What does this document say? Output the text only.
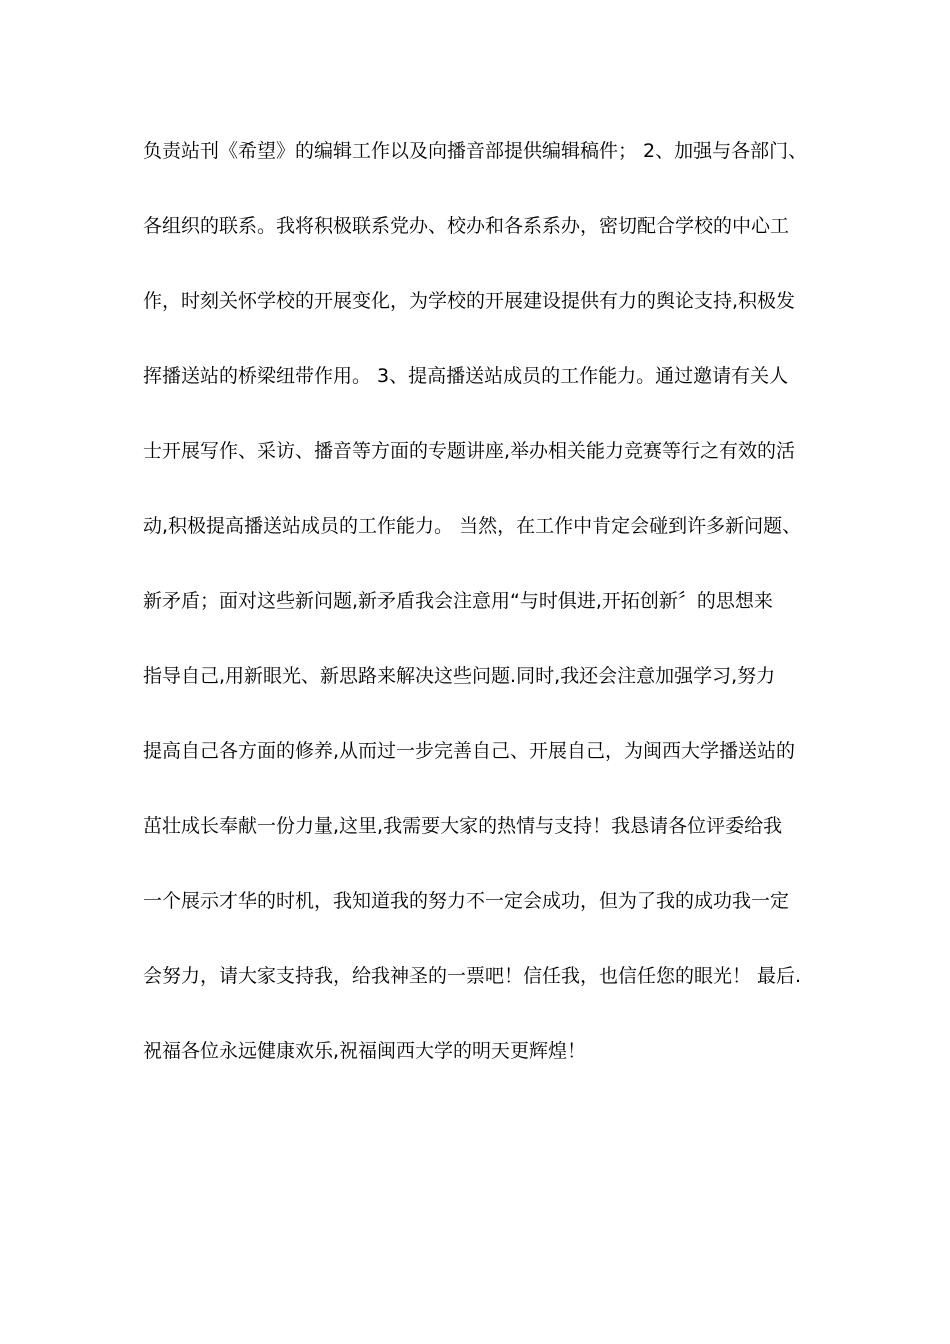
负责站刊《希望》的编辑工作以及向播音部提供编辑稿件； 2、加强与各部门、
各组织的联系。我将积极联系党办、校办和各系系办，密切配合学校的中心工
作，时刻关怀学校的开展变化，为学校的开展建设提供有力的舆论支持,积极发
挥播送站的桥梁纽带作用。 3、提高播送站成员的工作能力。通过邀请有关人
士开展写作、采访、播音等方面的专题讲座,举办相关能力竞赛等行之有效的活
动,积极提高播送站成员的工作能力。 当然，在工作中肯定会碰到许多新问题、
新矛盾；面对这些新问题,新矛盾我会注意用“与时俱进,开拓创新〞的思想来
指导自己,用新眼光、新思路来解决这些问题.同时,我还会注意加强学习,努力
提高自己各方面的修养,从而过一步完善自己、开展自己，为闽西大学播送站的
茁壮成长奉献一份力量,这里,我需要大家的热情与支持！我恳请各位评委给我
一个展示才华的时机，我知道我的努力不一定会成功，但为了我的成功我一定
会努力，请大家支持我，给我神圣的一票吧！信任我，也信任您的眼光！ 最后.
祝福各位永远健康欢乐,祝福闽西大学的明天更辉煌！
